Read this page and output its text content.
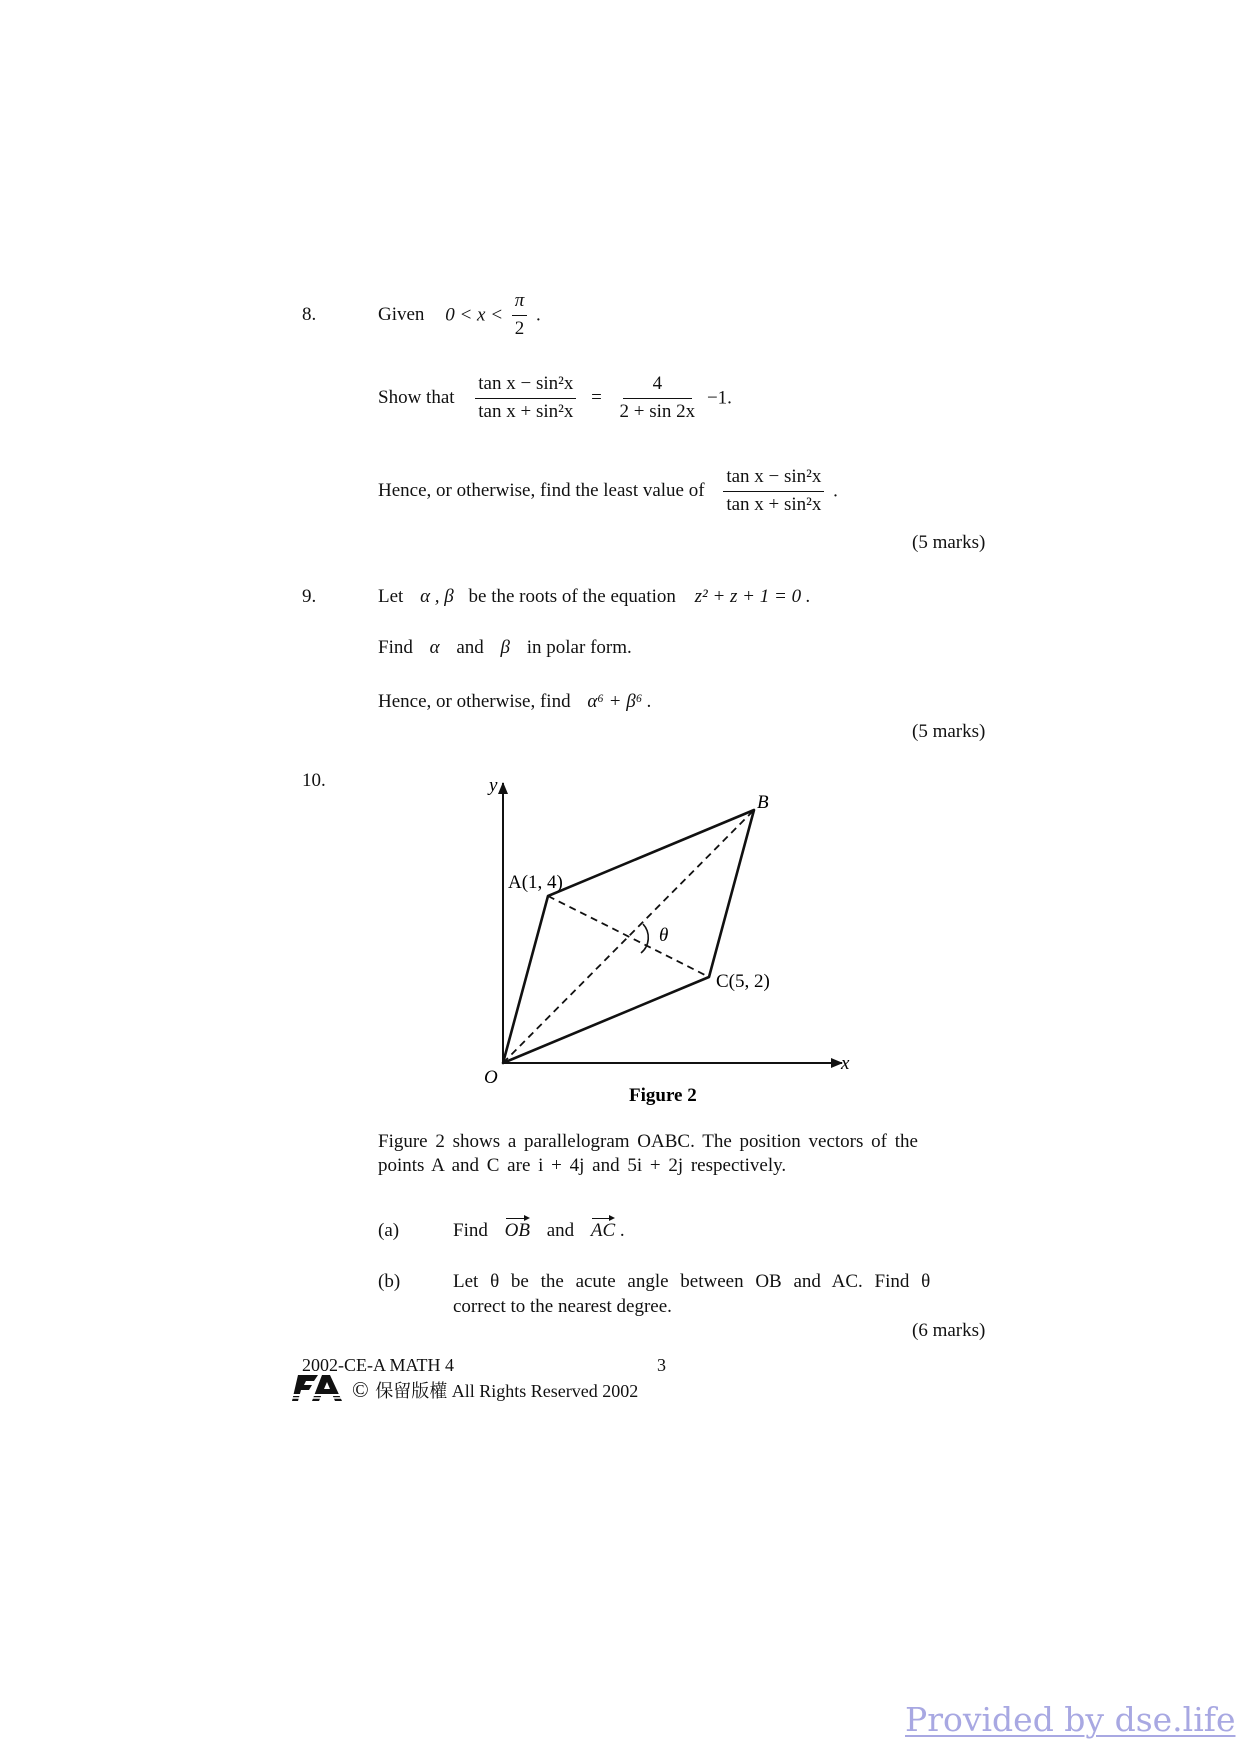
8.	Given $0 < x < \frac{\pi}{2}$ .
Show that $\frac{\text{tan x − sin²x}}{\text{tan x + sin²x}} = \frac{4}{2 + \sin 2x} -1$.
Hence, or otherwise, find the least value of $\frac{\text{tan x − sin²x}}{\text{tan x + sin²x}}$ .
(5 marks)
9.	Let α , β be the roots of the equation z² + z + 1 = 0 .
Find α and β in polar form.
Hence, or otherwise, find α⁶ + β⁶ .
(5 marks)
10.	y
x
O
A(1, 4)
B
C(5, 2)
θ
Figure 2
Figure 2 shows a parallelogram OABC. The position vectors of the
points A and C are i + 4j and 5i + 2j respectively.
(a)	Find OB and AC .
(b)	Let θ be the acute angle between OB and AC. Find θ
correct to the nearest degree.
(6 marks)
2002-CE-A MATH 4	3
© 保留版權 All Rights Reserved 2002
Provided by dse.life
